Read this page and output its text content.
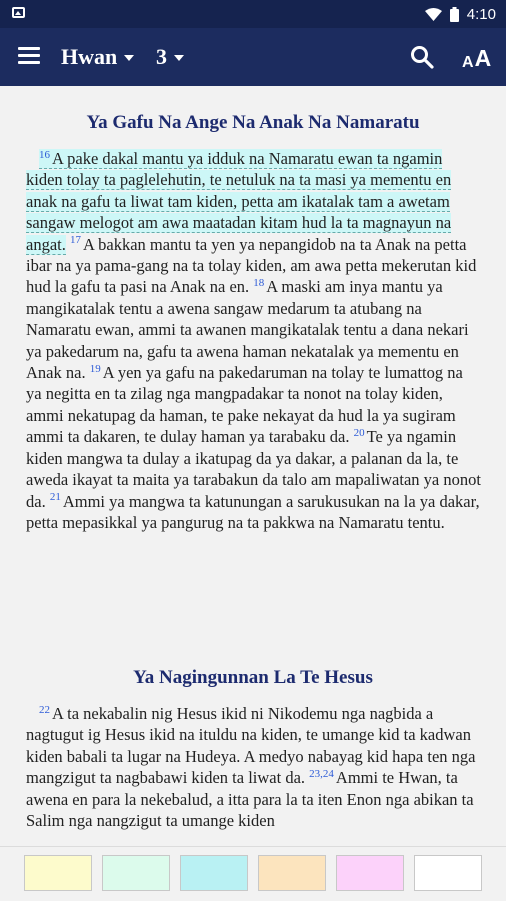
4:10
Hwan 3	A A
Ya Gafu Na Ange Na Anak Na Namaratu

$^{16}$ A pake dakal mantu ya idduk na Namaratu ewan ta ngamin kiden tolay ta paglelehutin, te netuluk na ta masi ya mementu en anak na gafu ta liwat tam kiden, petta am ikatalak tam a awetam sangaw melogot am awa maatadan kitam hud la ta magnayun na angat. $^{17}$ A bakkan mantu ta yen ya nepangidob na ta Anak na petta ibar na ya pama-gang na ta tolay kiden, am awa petta mekerutan kid hud la gafu ta pasi na Anak na en. $^{18}$ A maski am inya mantu ya mangikatalak tentu a awena sangaw medarum ta atubang na Namaratu ewan, ammi ta awanen mangikatalak tentu a dana nekari ya pakedarum na, gafu ta awena haman nekatalak ya mementu en Anak na. $^{19}$ A yen ya gafu na pakedaruman na tolay te lumattog na ya negitta en ta zilag nga mangpadakar ta nonot na tolay kiden, ammi nekatupag da haman, te pake nekayat da hud la ya sugiram ammi ta dakaren, te dulay haman ya tarabaku da. $^{20}$ Te ya ngamin kiden mangwa ta dulay a ikatupag da ya dakar, a palanan da la, te aweda ikayat ta maita ya tarabakun da talo am mapaliwatan ya nonot da. $^{21}$ Ammi ya mangwa ta katunungan a sarukusukan na la ya dakar, petta mepasikkal ya pangurug na ta pakkwa na Namaratu tentu.

Ya Nagingunnan La Te Hesus

$^{22}$ A ta nekabalin nig Hesus ikid ni Nikodemu nga nagbida a nagtugut ig Hesus ikid na ituldu na kiden, te umange kid ta kadwan kiden babali ta lugar na Hudeya. A medyo nabayag kid hapa ten nga mangzigut ta nagbabawi kiden ta liwat da. $^{23,24}$ Ammi te Hwan, ta awena en para la nekebalud, a itta para la ta iten Enon nga abikan ta Salim nga nangzigut ta umange kiden
